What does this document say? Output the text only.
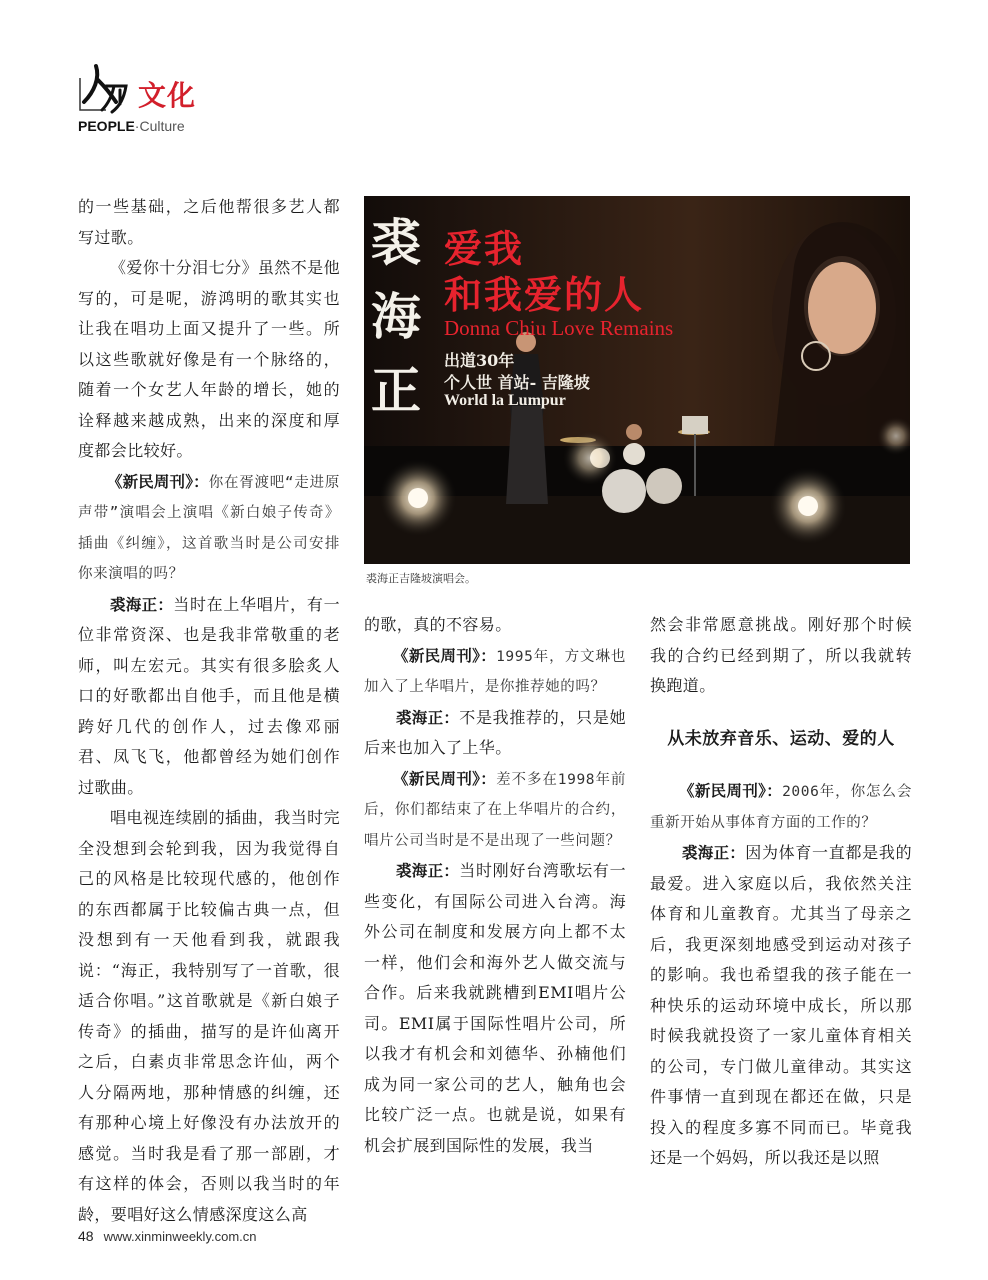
文化
PEOPLE·Culture

的一些基础，之后他帮很多艺人都写过歌。

《爱你十分泪七分》虽然不是他写的，可是呢，游鸿明的歌其实也让我在唱功上面又提升了一些。所以这些歌就好像是有一个脉络的，随着一个女艺人年龄的增长，她的诠释越来越成熟，出来的深度和厚度都会比较好。

《新民周刊》：你在胥渡吧“走进原声带”演唱会上演唱《新白娘子传奇》插曲《纠缠》，这首歌当时是公司安排你来演唱的吗？

裘海正：当时在上华唱片，有一位非常资深、也是我非常敬重的老师，叫左宏元。其实有很多脍炙人口的好歌都出自他手，而且他是横跨好几代的创作人，过去像邓丽君、凤飞飞，他都曾经为她们创作过歌曲。

唱电视连续剧的插曲，我当时完全没想到会轮到我，因为我觉得自己的风格是比较现代感的，他创作的东西都属于比较偏古典一点，但没想到有一天他看到我，就跟我说：“海正，我特别写了一首歌，很适合你唱。”这首歌就是《新白娘子传奇》的插曲，描写的是许仙离开之后，白素贞非常思念许仙，两个人分隔两地，那种情感的纠缠，还有那种心境上好像没有办法放开的感觉。当时我是看了那一部剧，才有这样的体会，否则以我当时的年龄，要唱好这么情感深度这么高

裘海正
爱我
和我爱的人
Donna Chiu Love Remains
出道30年
个人世 首站- 吉隆坡
World la Lumpur
裘海正吉隆坡演唱会。

的歌，真的不容易。

《新民周刊》：1995年，方文琳也加入了上华唱片，是你推荐她的吗？

裘海正：不是我推荐的，只是她后来也加入了上华。

《新民周刊》：差不多在1998年前后，你们都结束了在上华唱片的合约，唱片公司当时是不是出现了一些问题？

裘海正：当时刚好台湾歌坛有一些变化，有国际公司进入台湾。海外公司在制度和发展方向上都不太一样，他们会和海外艺人做交流与合作。后来我就跳槽到EMI唱片公司。EMI属于国际性唱片公司，所以我才有机会和刘德华、孙楠他们成为同一家公司的艺人，触角也会比较广泛一点。也就是说，如果有机会扩展到国际性的发展，我当

然会非常愿意挑战。刚好那个时候我的合约已经到期了，所以我就转换跑道。

从未放弃音乐、运动、爱的人

《新民周刊》：2006年，你怎么会重新开始从事体育方面的工作的？

裘海正：因为体育一直都是我的最爱。进入家庭以后，我依然关注体育和儿童教育。尤其当了母亲之后，我更深刻地感受到运动对孩子的影响。我也希望我的孩子能在一种快乐的运动环境中成长，所以那时候我就投资了一家儿童体育相关的公司，专门做儿童律动。其实这件事情一直到现在都还在做，只是投入的程度多寡不同而已。毕竟我还是一个妈妈，所以我还是以照

48 www.xinminweekly.com.cn
